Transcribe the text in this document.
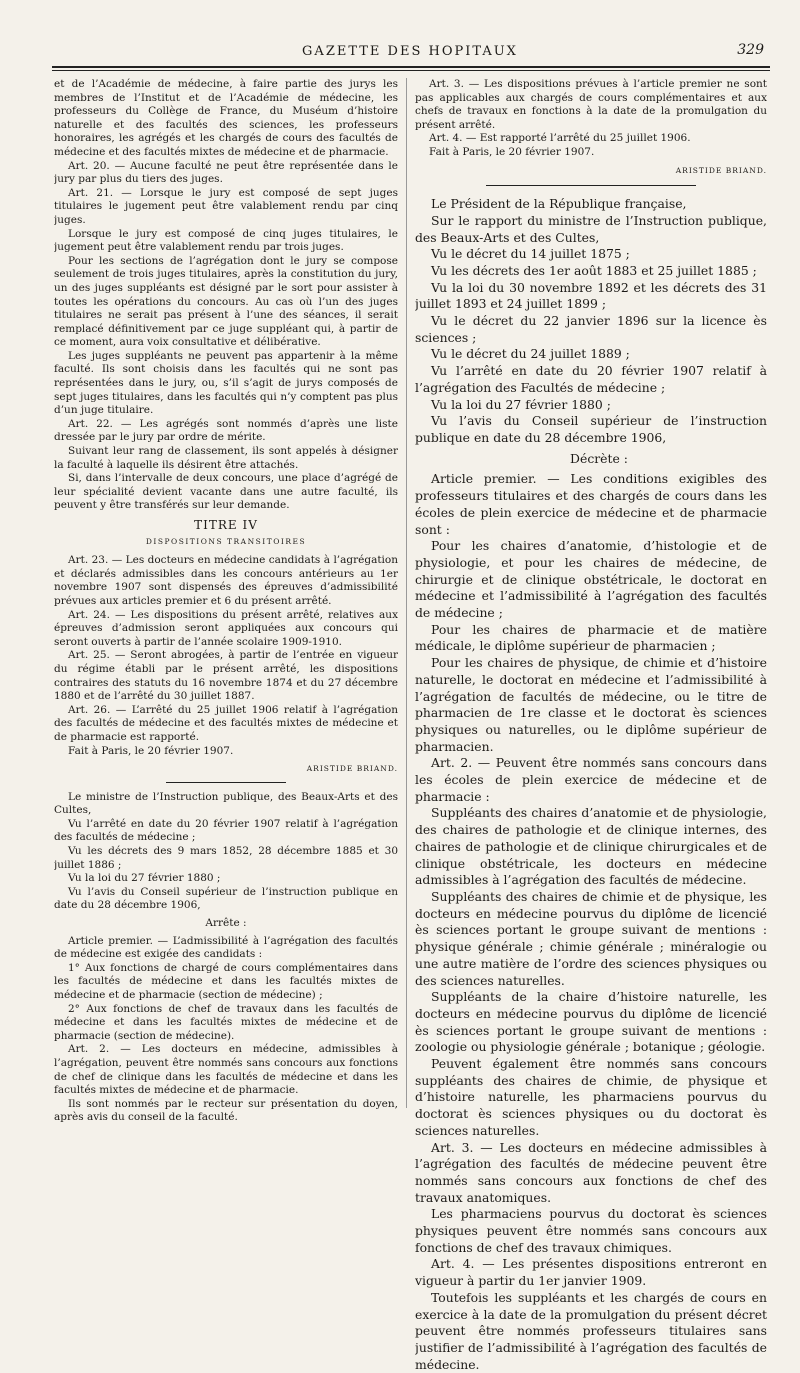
GAZETTE DES HOPITAUX	329

et de l’Académie de médecine, à faire partie des jurys les membres de l’Institut et de l’Académie de médecine, les professeurs du Collège de France, du Muséum d’histoire naturelle et des facultés des sciences, les professeurs honoraires, les agrégés et les chargés de cours des facultés de médecine et des facultés mixtes de médecine et de pharmacie.

Art. 20. — Aucune faculté ne peut être représentée dans le jury par plus du tiers des juges.

Art. 21. — Lorsque le jury est composé de sept juges titulaires le jugement peut être valablement rendu par cinq juges.

Lorsque le jury est composé de cinq juges titulaires, le jugement peut être valablement rendu par trois juges.

Pour les sections de l’agrégation dont le jury se compose seulement de trois juges titulaires, après la constitution du jury, un des juges suppléants est désigné par le sort pour assister à toutes les opérations du concours. Au cas où l’un des juges titulaires ne serait pas présent à l’une des séances, il serait remplacé définitivement par ce juge suppléant qui, à partir de ce moment, aura voix consultative et délibérative.

Les juges suppléants ne peuvent pas appartenir à la même faculté. Ils sont choisis dans les facultés qui ne sont pas représentées dans le jury, ou, s’il s’agit de jurys composés de sept juges titulaires, dans les facultés qui n’y comptent pas plus d’un juge titulaire.

Art. 22. — Les agrégés sont nommés d’après une liste dressée par le jury par ordre de mérite.

Suivant leur rang de classement, ils sont appelés à désigner la faculté à laquelle ils désirent être attachés.

Si, dans l’intervalle de deux concours, une place d’agrégé de leur spécialité devient vacante dans une autre faculté, ils peuvent y être transférés sur leur demande.

TITRE IV
DISPOSITIONS TRANSITOIRES

Art. 23. — Les docteurs en médecine candidats à l’agrégation et déclarés admissibles dans les concours antérieurs au 1er novembre 1907 sont dispensés des épreuves d’admissibilité prévues aux articles premier et 6 du présent arrêté.

Art. 24. — Les dispositions du présent arrêté, relatives aux épreuves d’admission seront appliquées aux concours qui seront ouverts à partir de l’année scolaire 1909-1910.

Art. 25. — Seront abrogées, à partir de l’entrée en vigueur du régime établi par le présent arrêté, les dispositions contraires des statuts du 16 novembre 1874 et du 27 décembre 1880 et de l’arrêté du 30 juillet 1887.

Art. 26. — L’arrêté du 25 juillet 1906 relatif à l’agrégation des facultés de médecine et des facultés mixtes de médecine et de pharmacie est rapporté.

Fait à Paris, le 20 février 1907.

ARISTIDE BRIAND.

Le ministre de l’Instruction publique, des Beaux-Arts et des Cultes,

Vu l’arrêté en date du 20 février 1907 relatif à l’agrégation des facultés de médecine ;

Vu les décrets des 9 mars 1852, 28 décembre 1885 et 30 juillet 1886 ;

Vu la loi du 27 février 1880 ;

Vu l’avis du Conseil supérieur de l’instruction publique en date du 28 décembre 1906,

Arrête :

Article premier. — L’admissibilité à l’agrégation des facultés de médecine est exigée des candidats :

1° Aux fonctions de chargé de cours complémentaires dans les facultés de médecine et dans les facultés mixtes de médecine et de pharmacie (section de médecine) ;

2° Aux fonctions de chef de travaux dans les facultés de médecine et dans les facultés mixtes de médecine et de pharmacie (section de médecine).

Art. 2. — Les docteurs en médecine, admissibles à l’agrégation, peuvent être nommés sans concours aux fonctions de chef de clinique dans les facultés de médecine et dans les facultés mixtes de médecine et de pharmacie.

Ils sont nommés par le recteur sur présentation du doyen, après avis du conseil de la faculté.

Art. 3. — Les dispositions prévues à l’article premier ne sont pas applicables aux chargés de cours complémentaires et aux chefs de travaux en fonctions à la date de la promulgation du présent arrêté.

Art. 4. — Est rapporté l’arrêté du 25 juillet 1906.

Fait à Paris, le 20 février 1907.

ARISTIDE BRIAND.

Le Président de la République française,

Sur le rapport du ministre de l’Instruction publique, des Beaux-Arts et des Cultes,

Vu le décret du 14 juillet 1875 ;

Vu les décrets des 1er août 1883 et 25 juillet 1885 ;

Vu la loi du 30 novembre 1892 et les décrets des 31 juillet 1893 et 24 juillet 1899 ;

Vu le décret du 22 janvier 1896 sur la licence ès sciences ;

Vu le décret du 24 juillet 1889 ;

Vu l’arrêté en date du 20 février 1907 relatif à l’agrégation des Facultés de médecine ;

Vu la loi du 27 février 1880 ;

Vu l’avis du Conseil supérieur de l’instruction publique en date du 28 décembre 1906,

Décrète :

Article premier. — Les conditions exigibles des professeurs titulaires et des chargés de cours dans les écoles de plein exercice de médecine et de pharmacie sont :

Pour les chaires d’anatomie, d’histologie et de physiologie, et pour les chaires de médecine, de chirurgie et de clinique obstétricale, le doctorat en médecine et l’admissibilité à l’agrégation des facultés de médecine ;

Pour les chaires de pharmacie et de matière médicale, le diplôme supérieur de pharmacien ;

Pour les chaires de physique, de chimie et d’histoire naturelle, le doctorat en médecine et l’admissibilité à l’agrégation de facultés de médecine, ou le titre de pharmacien de 1re classe et le doctorat ès sciences physiques ou naturelles, ou le diplôme supérieur de pharmacien.

Art. 2. — Peuvent être nommés sans concours dans les écoles de plein exercice de médecine et de pharmacie :

Suppléants des chaires d’anatomie et de physiologie, des chaires de pathologie et de clinique internes, des chaires de pathologie et de clinique chirurgicales et de clinique obstétricale, les docteurs en médecine admissibles à l’agrégation des facultés de médecine.

Suppléants des chaires de chimie et de physique, les docteurs en médecine pourvus du diplôme de licencié ès sciences portant le groupe suivant de mentions : physique générale ; chimie générale ; minéralogie ou une autre matière de l’ordre des sciences physiques ou des sciences naturelles.

Suppléants de la chaire d’histoire naturelle, les docteurs en médecine pourvus du diplôme de licencié ès sciences portant le groupe suivant de mentions : zoologie ou physiologie générale ; botanique ; géologie.

Peuvent également être nommés sans concours suppléants des chaires de chimie, de physique et d’histoire naturelle, les pharmaciens pourvus du doctorat ès sciences physiques ou du doctorat ès sciences naturelles.

Art. 3. — Les docteurs en médecine admissibles à l’agrégation des facultés de médecine peuvent être nommés sans concours aux fonctions de chef des travaux anatomiques.

Les pharmaciens pourvus du doctorat ès sciences physiques peuvent être nommés sans concours aux fonctions de chef des travaux chimiques.

Art. 4. — Les présentes dispositions entreront en vigueur à partir du 1er janvier 1909.

Toutefois les suppléants et les chargés de cours en exercice à la date de la promulgation du présent décret peuvent être nommés professeurs titulaires sans justifier de l’admissibilité à l’agrégation des facultés de médecine.
